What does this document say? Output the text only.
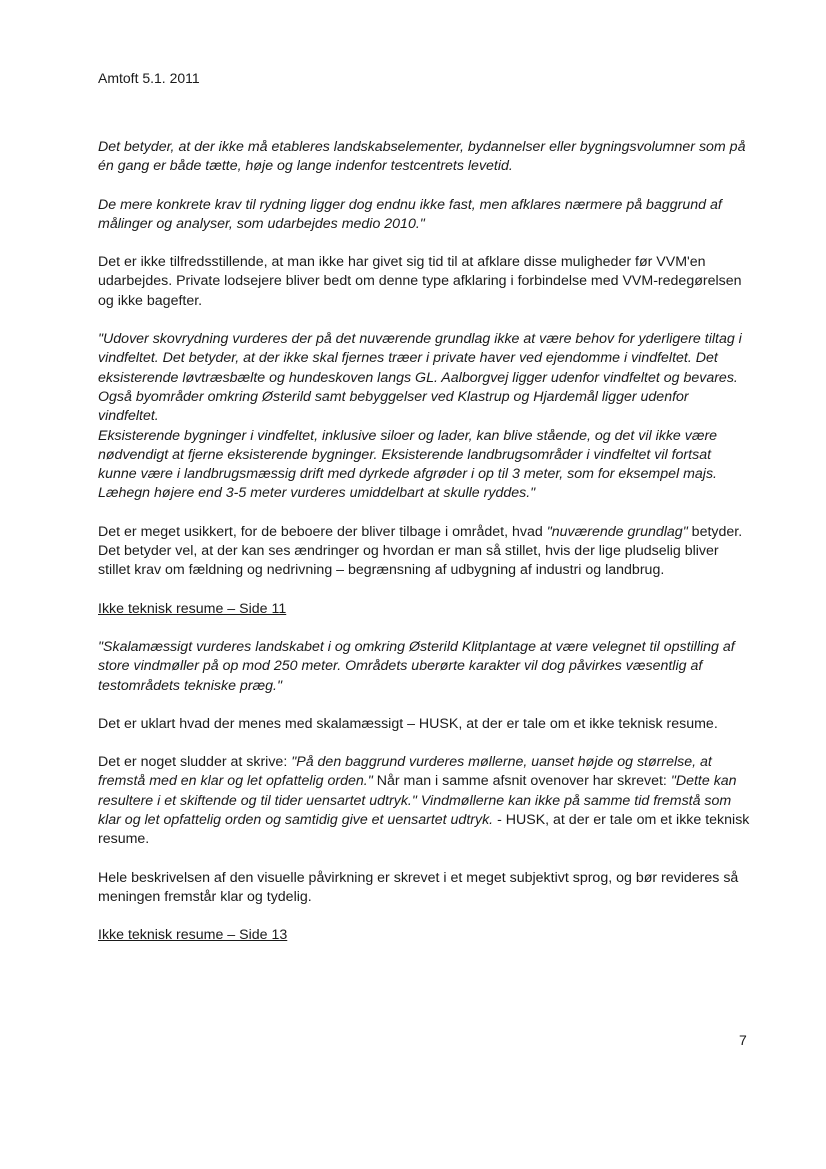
Amtoft 5.1. 2011

Det betyder, at der ikke må etableres landskabselementer, bydannelser eller bygningsvolumner som på én gang er både tætte, høje og lange indenfor testcentrets levetid.

De mere konkrete krav til rydning ligger dog endnu ikke fast, men afklares nærmere på baggrund af målinger og analyser, som udarbejdes medio 2010."

Det er ikke tilfredsstillende, at man ikke har givet sig tid til at afklare disse muligheder før VVM'en udarbejdes. Private lodsejere bliver bedt om denne type afklaring i forbindelse med VVM-redegørelsen og ikke bagefter.

"Udover skovrydning vurderes der på det nuværende grundlag ikke at være behov for yderligere tiltag i vindfeltet. Det betyder, at der ikke skal fjernes træer i private haver ved ejendomme i vindfeltet. Det eksisterende løvtræsbælte og hundeskoven langs GL. Aalborgvej ligger udenfor vindfeltet og bevares. Også byområder omkring Østerild samt bebyggelser ved Klastrup og Hjardemål ligger udenfor vindfeltet.
Eksisterende bygninger i vindfeltet, inklusive siloer og lader, kan blive stående, og det vil ikke være nødvendigt at fjerne eksisterende bygninger. Eksisterende landbrugsområder i vindfeltet vil fortsat kunne være i landbrugsmæssig drift med dyrkede afgrøder i op til 3 meter, som for eksempel majs. Læhegn højere end 3-5 meter vurderes umiddelbart at skulle ryddes."

Det er meget usikkert, for de beboere der bliver tilbage i området, hvad "nuværende grundlag" betyder. Det betyder vel, at der kan ses ændringer og hvordan er man så stillet, hvis der lige pludselig bliver stillet krav om fældning og nedrivning – begrænsning af udbygning af industri og landbrug.

Ikke teknisk resume – Side 11

"Skalamæssigt vurderes landskabet i og omkring Østerild Klitplantage at være velegnet til opstilling af store vindmøller på op mod 250 meter. Områdets uberørte karakter vil dog påvirkes væsentlig af testområdets tekniske præg."

Det er uklart hvad der menes med skalamæssigt – HUSK, at der er tale om et ikke teknisk resume.

Det er noget sludder at skrive: "På den baggrund vurderes møllerne, uanset højde og størrelse, at fremstå med en klar og let opfattelig orden." Når man i samme afsnit ovenover har skrevet: "Dette kan resultere i et skiftende og til tider uensartet udtryk." Vindmøllerne kan ikke på samme tid fremstå som klar og let opfattelig orden og samtidig give et uensartet udtryk. - HUSK, at der er tale om et ikke teknisk resume.

Hele beskrivelsen af den visuelle påvirkning er skrevet i et meget subjektivt sprog, og bør revideres så meningen fremstår klar og tydelig.

Ikke teknisk resume – Side 13

7
